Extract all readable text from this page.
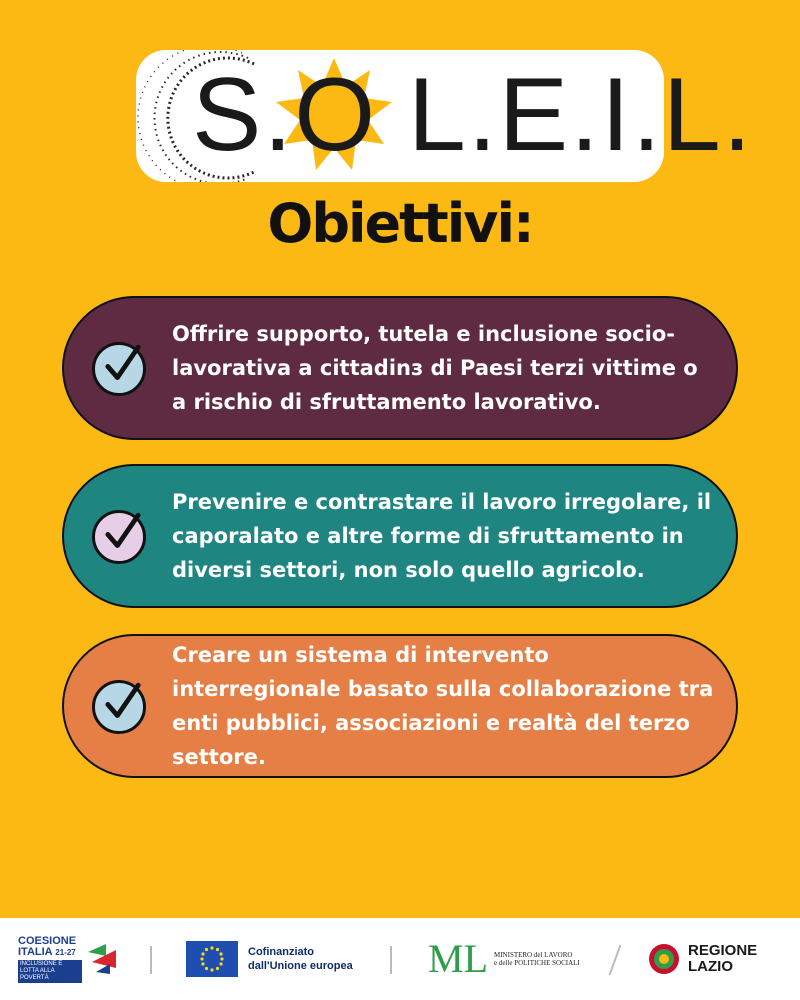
S.O L.E.I.L.
Obiettivi:
Offrire supporto, tutela e inclusione socio-lavorativa a cittadinз di Paesi terzi vittime o a rischio di sfruttamento lavorativo.
Prevenire e contrastare il lavoro irregolare, il caporalato e altre forme di sfruttamento in diversi settori, non solo quello agricolo.
Creare un sistema di intervento interregionale basato sulla collaborazione tra enti pubblici, associazioni e realtà del terzo settore.
COESIONE
ITALIA 21-27
INCLUSIONE E LOTTA ALLA POVERTÀ
Cofinanziato
dall'Unione europea ML MINISTERO del LAVORO
e delle POLITICHE SOCIALI
REGIONE
LAZIO
